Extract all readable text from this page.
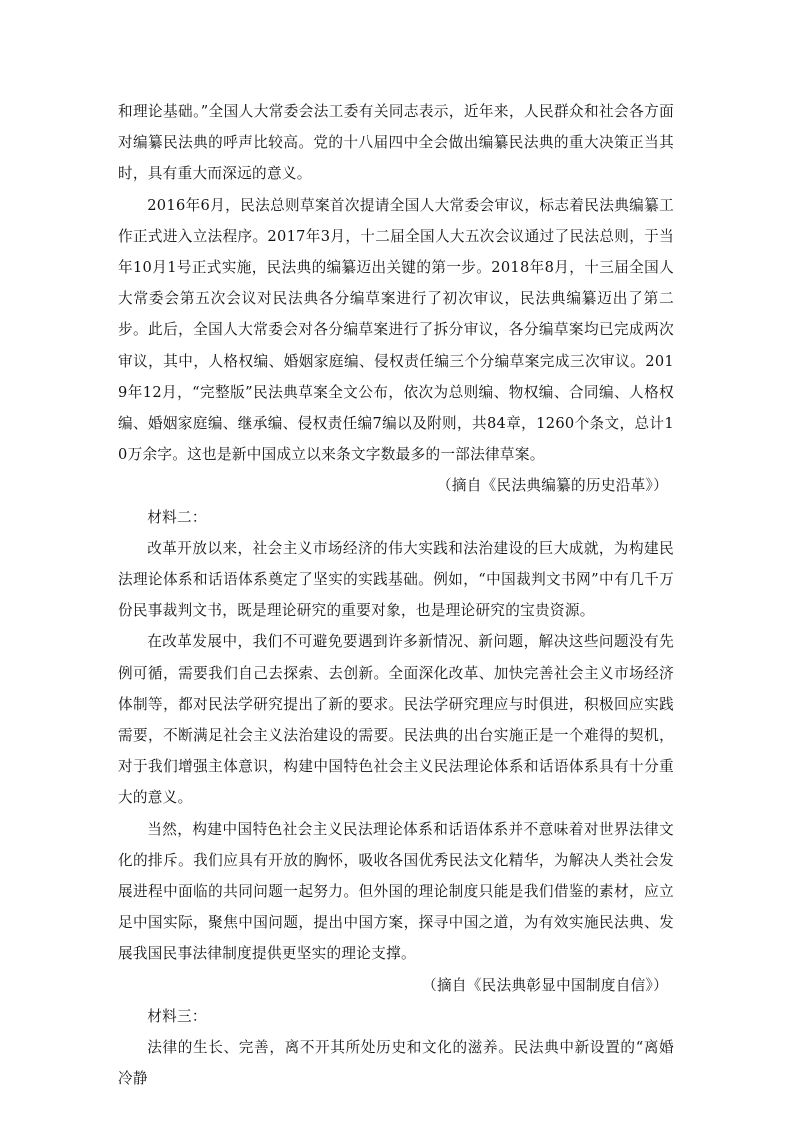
和理论基础。”全国人大常委会法工委有关同志表示，近年来，人民群众和社会各方面对编纂民法典的呼声比较高。党的十八届四中全会做出编纂民法典的重大决策正当其时，具有重大而深远的意义。

2016年6月，民法总则草案首次提请全国人大常委会审议，标志着民法典编纂工作正式进入立法程序。2017年3月，十二届全国人大五次会议通过了民法总则，于当年10月1号正式实施，民法典的编纂迈出关键的第一步。2018年8月，十三届全国人大常委会第五次会议对民法典各分编草案进行了初次审议，民法典编纂迈出了第二步。此后，全国人大常委会对各分编草案进行了拆分审议，各分编草案均已完成两次审议，其中，人格权编、婚姻家庭编、侵权责任编三个分编草案完成三次审议。2019年12月，“完整版”民法典草案全文公布，依次为总则编、物权编、合同编、人格权编、婚姻家庭编、继承编、侵权责任编7编以及附则，共84章，1260个条文，总计10万余字。这也是新中国成立以来条文字数最多的一部法律草案。

（摘自《民法典编纂的历史沿革》）

材料二：

改革开放以来，社会主义市场经济的伟大实践和法治建设的巨大成就，为构建民法理论体系和话语体系奠定了坚实的实践基础。例如，“中国裁判文书网”中有几千万份民事裁判文书，既是理论研究的重要对象，也是理论研究的宝贵资源。

在改革发展中，我们不可避免要遇到许多新情况、新问题，解决这些问题没有先例可循，需要我们自己去探索、去创新。全面深化改革、加快完善社会主义市场经济体制等，都对民法学研究提出了新的要求。民法学研究理应与时俱进，积极回应实践需要，不断满足社会主义法治建设的需要。民法典的出台实施正是一个难得的契机，对于我们增强主体意识，构建中国特色社会主义民法理论体系和话语体系具有十分重大的意义。

当然，构建中国特色社会主义民法理论体系和话语体系并不意味着对世界法律文化的排斥。我们应具有开放的胸怀，吸收各国优秀民法文化精华，为解决人类社会发展进程中面临的共同问题一起努力。但外国的理论制度只能是我们借鉴的素材，应立足中国实际，聚焦中国问题，提出中国方案，探寻中国之道，为有效实施民法典、发展我国民事法律制度提供更坚实的理论支撑。

（摘自《民法典彰显中国制度自信》）

材料三：

法律的生长、完善，离不开其所处历史和文化的滋养。民法典中新设置的“离婚冷静
